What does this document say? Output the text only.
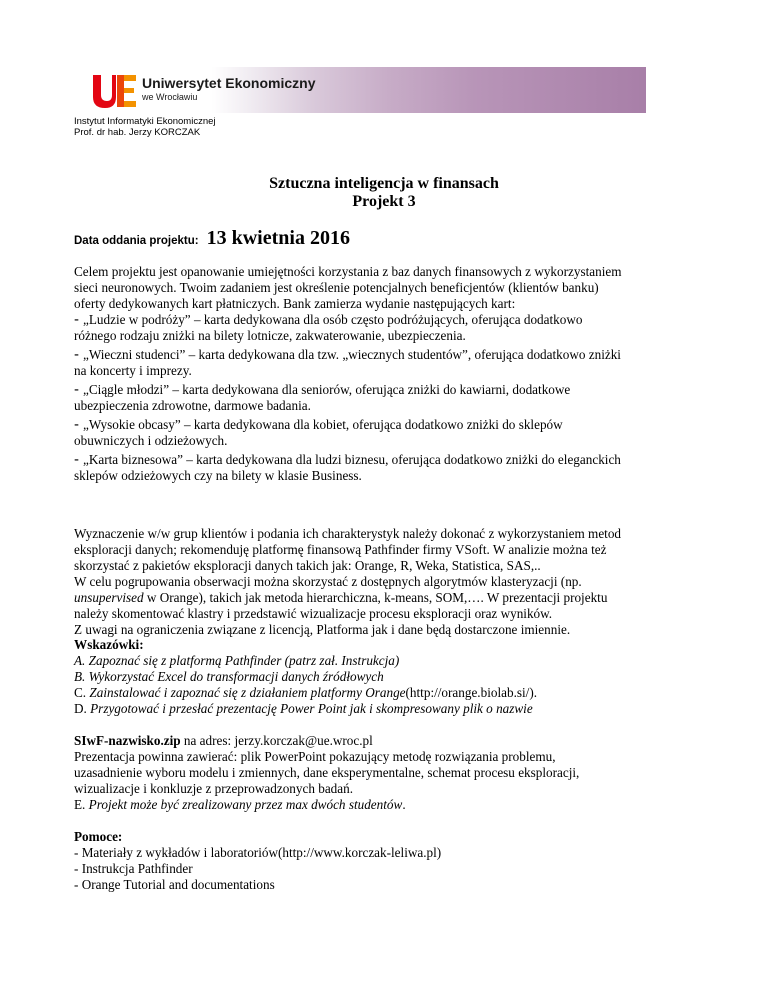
Uniwersytet Ekonomiczny
we Wrocławiu
Instytut Informatyki Ekonomicznej
Prof. dr hab. Jerzy KORCZAK
Sztuczna inteligencja w finansach
Projekt 3
Data oddania projektu: 13 kwietnia 2016
Celem projektu jest opanowanie umiejętności korzystania z baz danych finansowych z wykorzystaniem
sieci neuronowych. Twoim zadaniem jest określenie potencjalnych beneficjentów (klientów banku)
oferty dedykowanych kart płatniczych. Bank zamierza wydanie następujących kart:
- „Ludzie w podróży” – karta dedykowana dla osób często podróżujących, oferująca dodatkowo
różnego rodzaju zniżki na bilety lotnicze, zakwaterowanie, ubezpieczenia.
- „Wieczni studenci” – karta dedykowana dla tzw. „wiecznych studentów”, oferująca dodatkowo zniżki
na koncerty i imprezy.
- „Ciągle młodzi” – karta dedykowana dla seniorów, oferująca zniżki do kawiarni, dodatkowe
ubezpieczenia zdrowotne, darmowe badania.
- „Wysokie obcasy” – karta dedykowana dla kobiet, oferująca dodatkowo zniżki do sklepów
obuwniczych i odzieżowych.
- „Karta biznesowa” – karta dedykowana dla ludzi biznesu, oferująca dodatkowo zniżki do eleganckich
sklepów odzieżowych czy na bilety w klasie Business.
Wyznaczenie w/w grup klientów i podania ich charakterystyk należy dokonać z wykorzystaniem metod
eksploracji danych; rekomenduję platformę finansową Pathfinder firmy VSoft. W analizie można też
skorzystać z pakietów eksploracji danych takich jak: Orange, R, Weka, Statistica, SAS,..
W celu pogrupowania obserwacji można skorzystać z dostępnych algorytmów klasteryzacji (np.
unsupervised w Orange), takich jak metoda hierarchiczna, k-means, SOM,…. W prezentacji projektu
należy skomentować klastry i przedstawić wizualizacje procesu eksploracji oraz wyników.
Z uwagi na ograniczenia związane z licencją, Platforma jak i dane będą dostarczone imiennie.
Wskazówki:
A. Zapoznać się z platformą Pathfinder (patrz zał. Instrukcja)
B. Wykorzystać Excel do transformacji danych źródłowych
C. Zainstalować i zapoznać się z działaniem platformy Orange(http://orange.biolab.si/).
D. Przygotować i przesłać prezentację Power Point jak i skompresowany plik o nazwie
SIwF-nazwisko.zip na adres: jerzy.korczak@ue.wroc.pl
Prezentacja powinna zawierać: plik PowerPoint pokazujący metodę rozwiązania problemu,
uzasadnienie wyboru modelu i zmiennych, dane eksperymentalne, schemat procesu eksploracji,
wizualizacje i konkluzje z przeprowadzonych badań.
E. Projekt może być zrealizowany przez max dwóch studentów.
Pomoce:
- Materiały z wykładów i laboratoriów(http://www.korczak-leliwa.pl)
- Instrukcja Pathfinder
- Orange Tutorial and documentations
